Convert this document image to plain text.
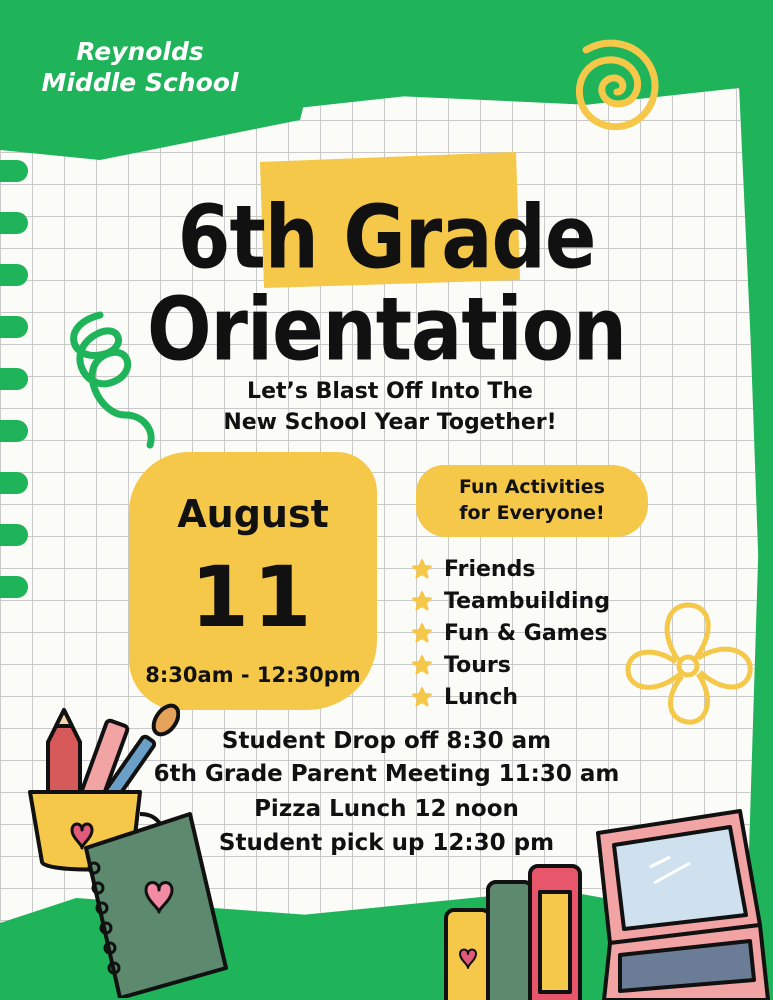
Reynolds
Middle School
6th Grade
Orientation
Let’s Blast Off Into The
New School Year Together!
August
11
8:30am - 12:30pm
Fun Activities
for Everyone!
Friends
Teambuilding
Fun & Games
Tours
Lunch
Student Drop off 8:30 am
6th Grade Parent Meeting 11:30 am
Pizza Lunch 12 noon
Student pick up 12:30 pm
